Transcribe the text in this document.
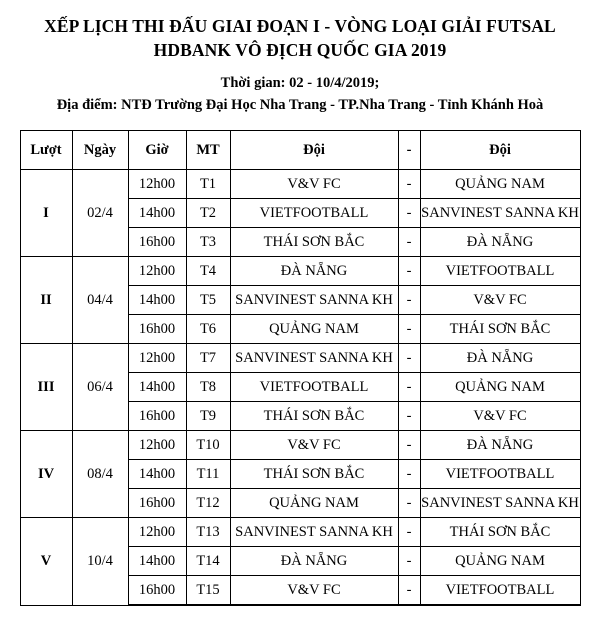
XẾP LỊCH THI ĐẤU GIAI ĐOẠN I - VÒNG LOẠI GIẢI FUTSAL
HDBANK VÔ ĐỊCH QUỐC GIA 2019
Thời gian: 02 - 10/4/2019;
Địa điểm: NTĐ Trường Đại Học Nha Trang - TP.Nha Trang - Tỉnh Khánh Hoà
Lượt	Ngày	Giờ	MT	Đội	-	Đội
I	02/4	12h00	T1	V&V FC	-	QUẢNG NAM
		14h00	T2	VIETFOOTBALL	-	SANVINEST SANNA KH
		16h00	T3	THÁI SƠN BẮC	-	ĐÀ NẴNG
II	04/4	12h00	T4	ĐÀ NẴNG	-	VIETFOOTBALL
		14h00	T5	SANVINEST SANNA KH	-	V&V FC
		16h00	T6	QUẢNG NAM	-	THÁI SƠN BẮC
III	06/4	12h00	T7	SANVINEST SANNA KH	-	ĐÀ NẴNG
		14h00	T8	VIETFOOTBALL	-	QUẢNG NAM
		16h00	T9	THÁI SƠN BẮC	-	V&V FC
IV	08/4	12h00	T10	V&V FC	-	ĐÀ NẴNG
		14h00	T11	THÁI SƠN BẮC	-	VIETFOOTBALL
		16h00	T12	QUẢNG NAM	-	SANVINEST SANNA KH
V	10/4	12h00	T13	SANVINEST SANNA KH	-	THÁI SƠN BẮC
		14h00	T14	ĐÀ NẴNG	-	QUẢNG NAM
		16h00	T15	V&V FC	-	VIETFOOTBALL
